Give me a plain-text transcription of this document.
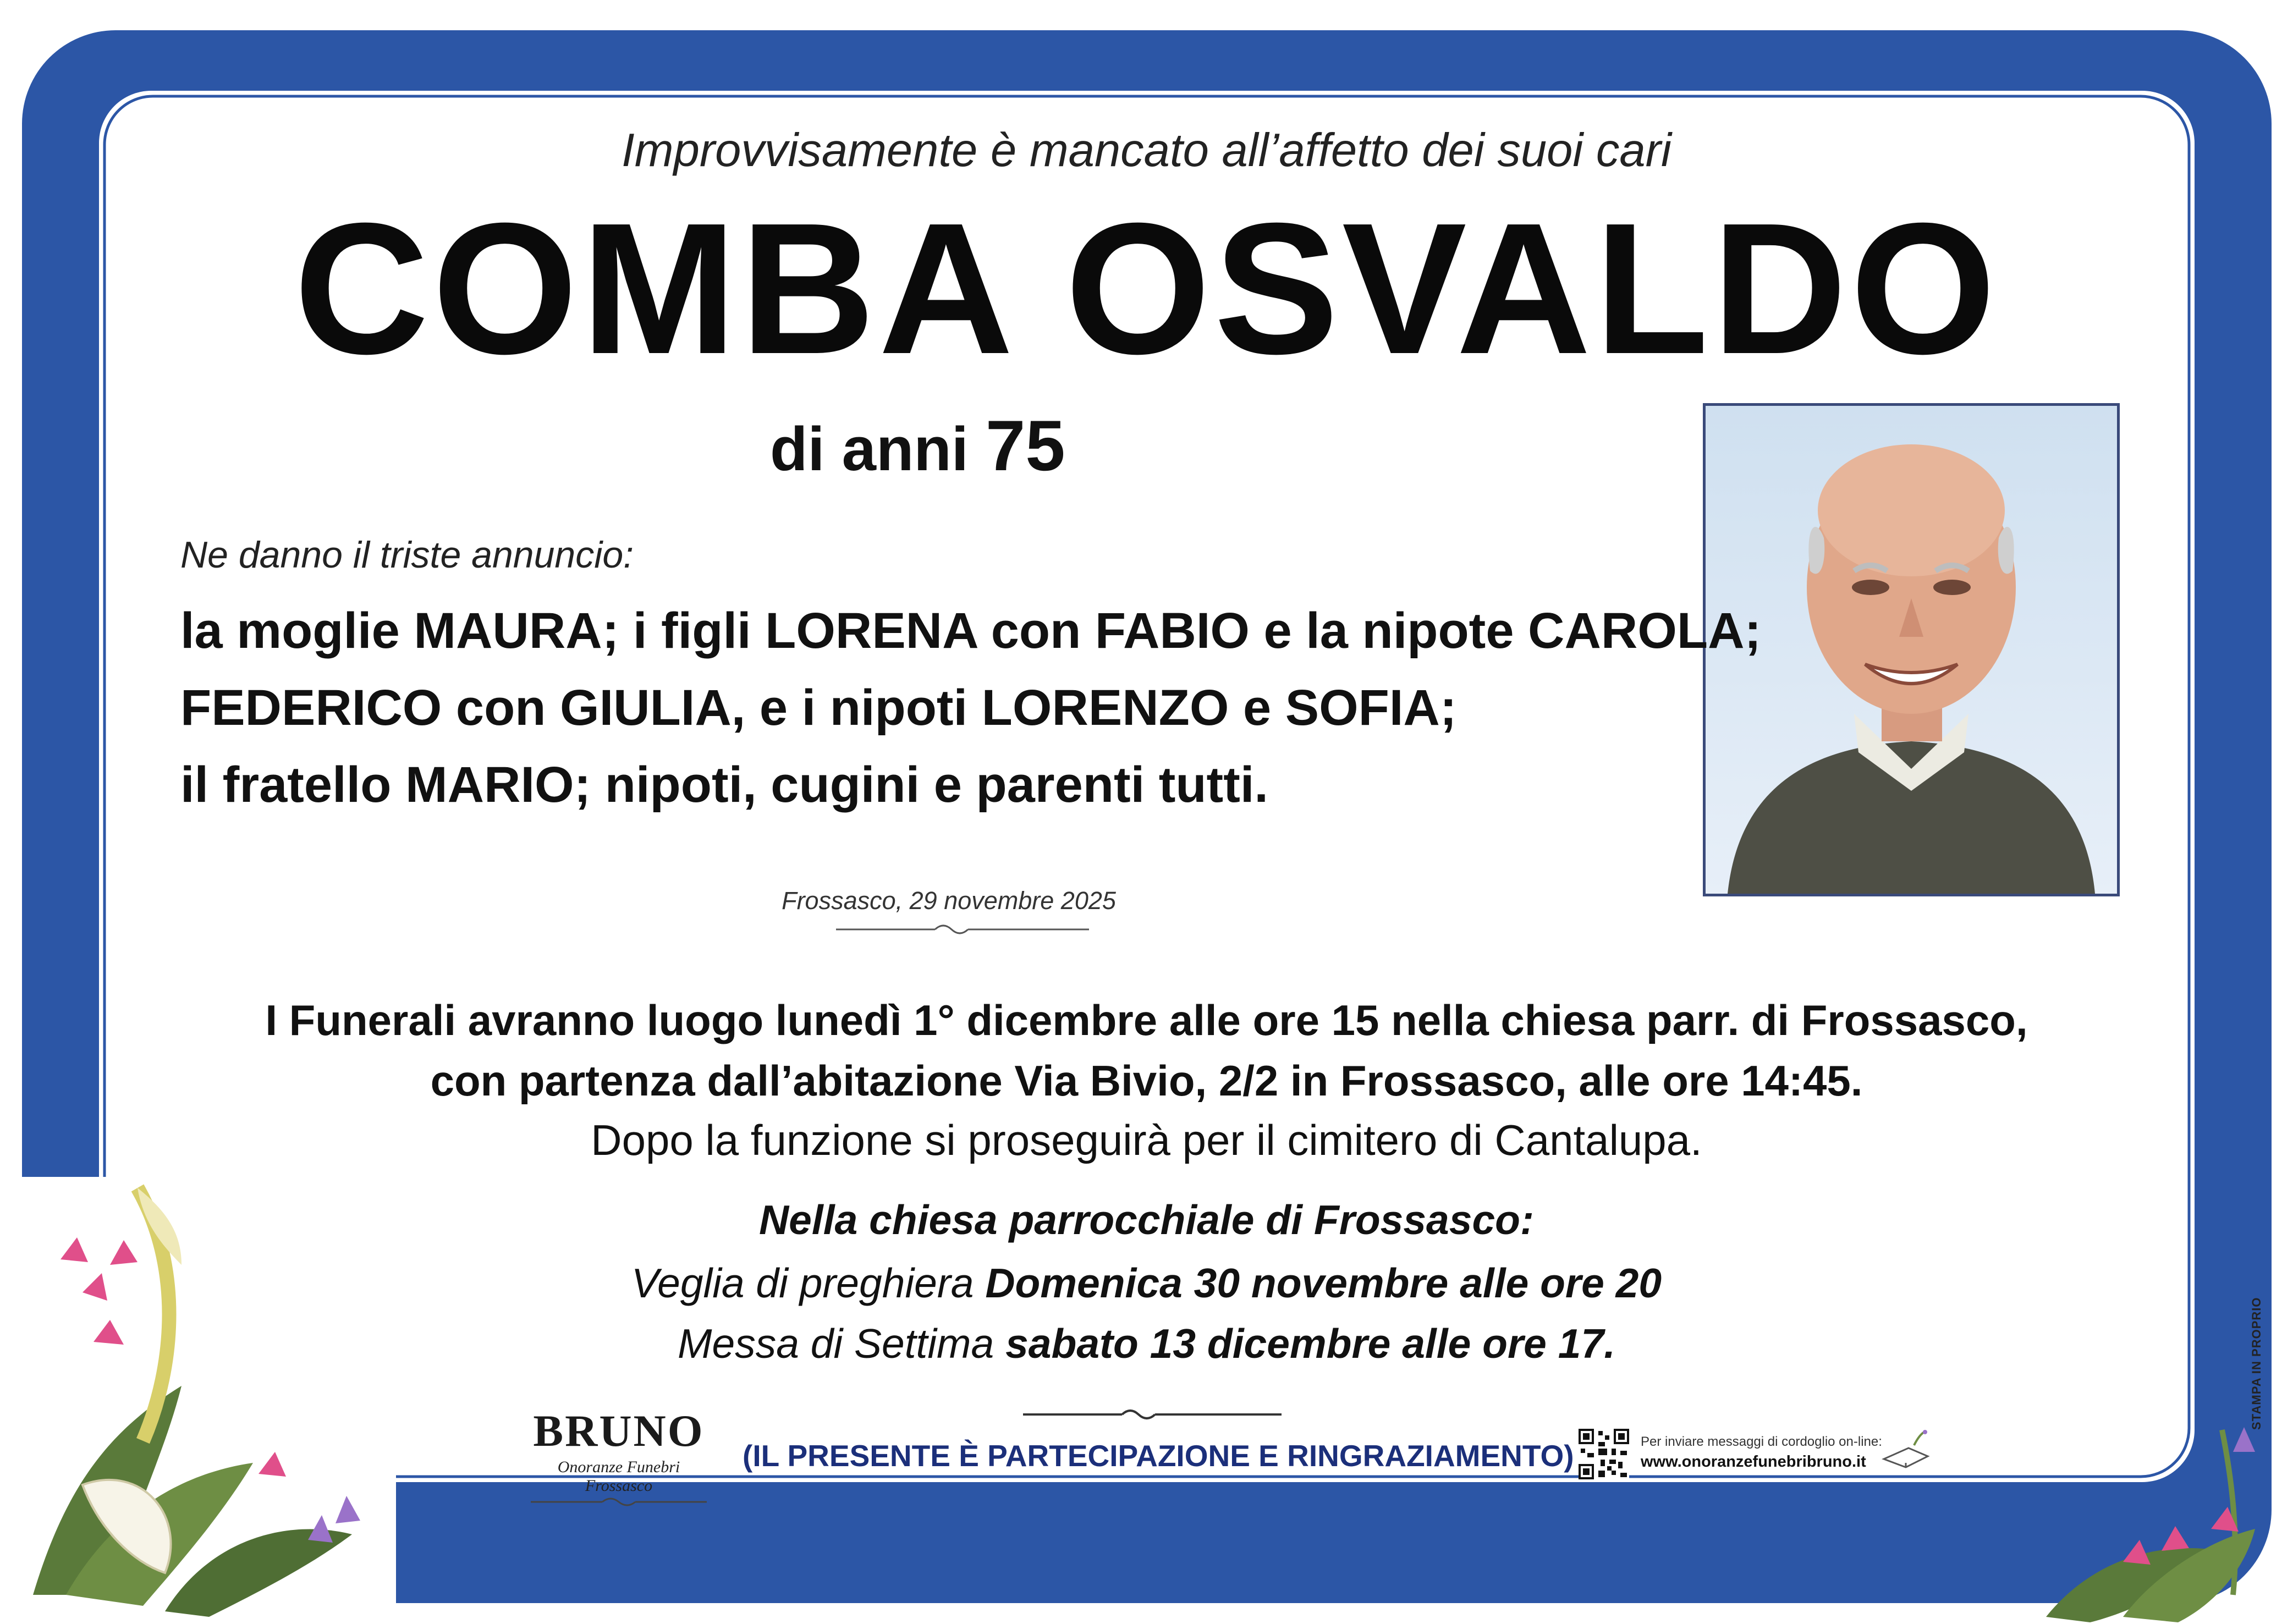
Improvvisamente è mancato all’affetto dei suoi cari
COMBA OSVALDO
di anni 75
Ne danno il triste annuncio:
la moglie MAURA; i figli LORENA con FABIO e la nipote CAROLA;
FEDERICO con GIULIA, e i nipoti LORENZO e SOFIA;
il fratello MARIO; nipoti, cugini e parenti tutti.
Frossasco, 29 novembre 2025
I Funerali avranno luogo lunedì 1° dicembre alle ore 15 nella chiesa parr. di Frossasco,
con partenza dall’abitazione Via Bivio, 2/2 in Frossasco, alle ore 14:45.
Dopo la funzione si proseguirà per il cimitero di Cantalupa.
Nella chiesa parrocchiale di Frossasco:
Veglia di preghiera Domenica 30 novembre alle ore 20
Messa di Settima sabato 13 dicembre alle ore 17.
BRUNO
Onoranze Funebri Frossasco
(IL PRESENTE È PARTECIPAZIONE E RINGRAZIAMENTO)	Per inviare messaggi di cordoglio on-line:
www.onoranzefunebribruno.it
STAMPA IN PROPRIO
